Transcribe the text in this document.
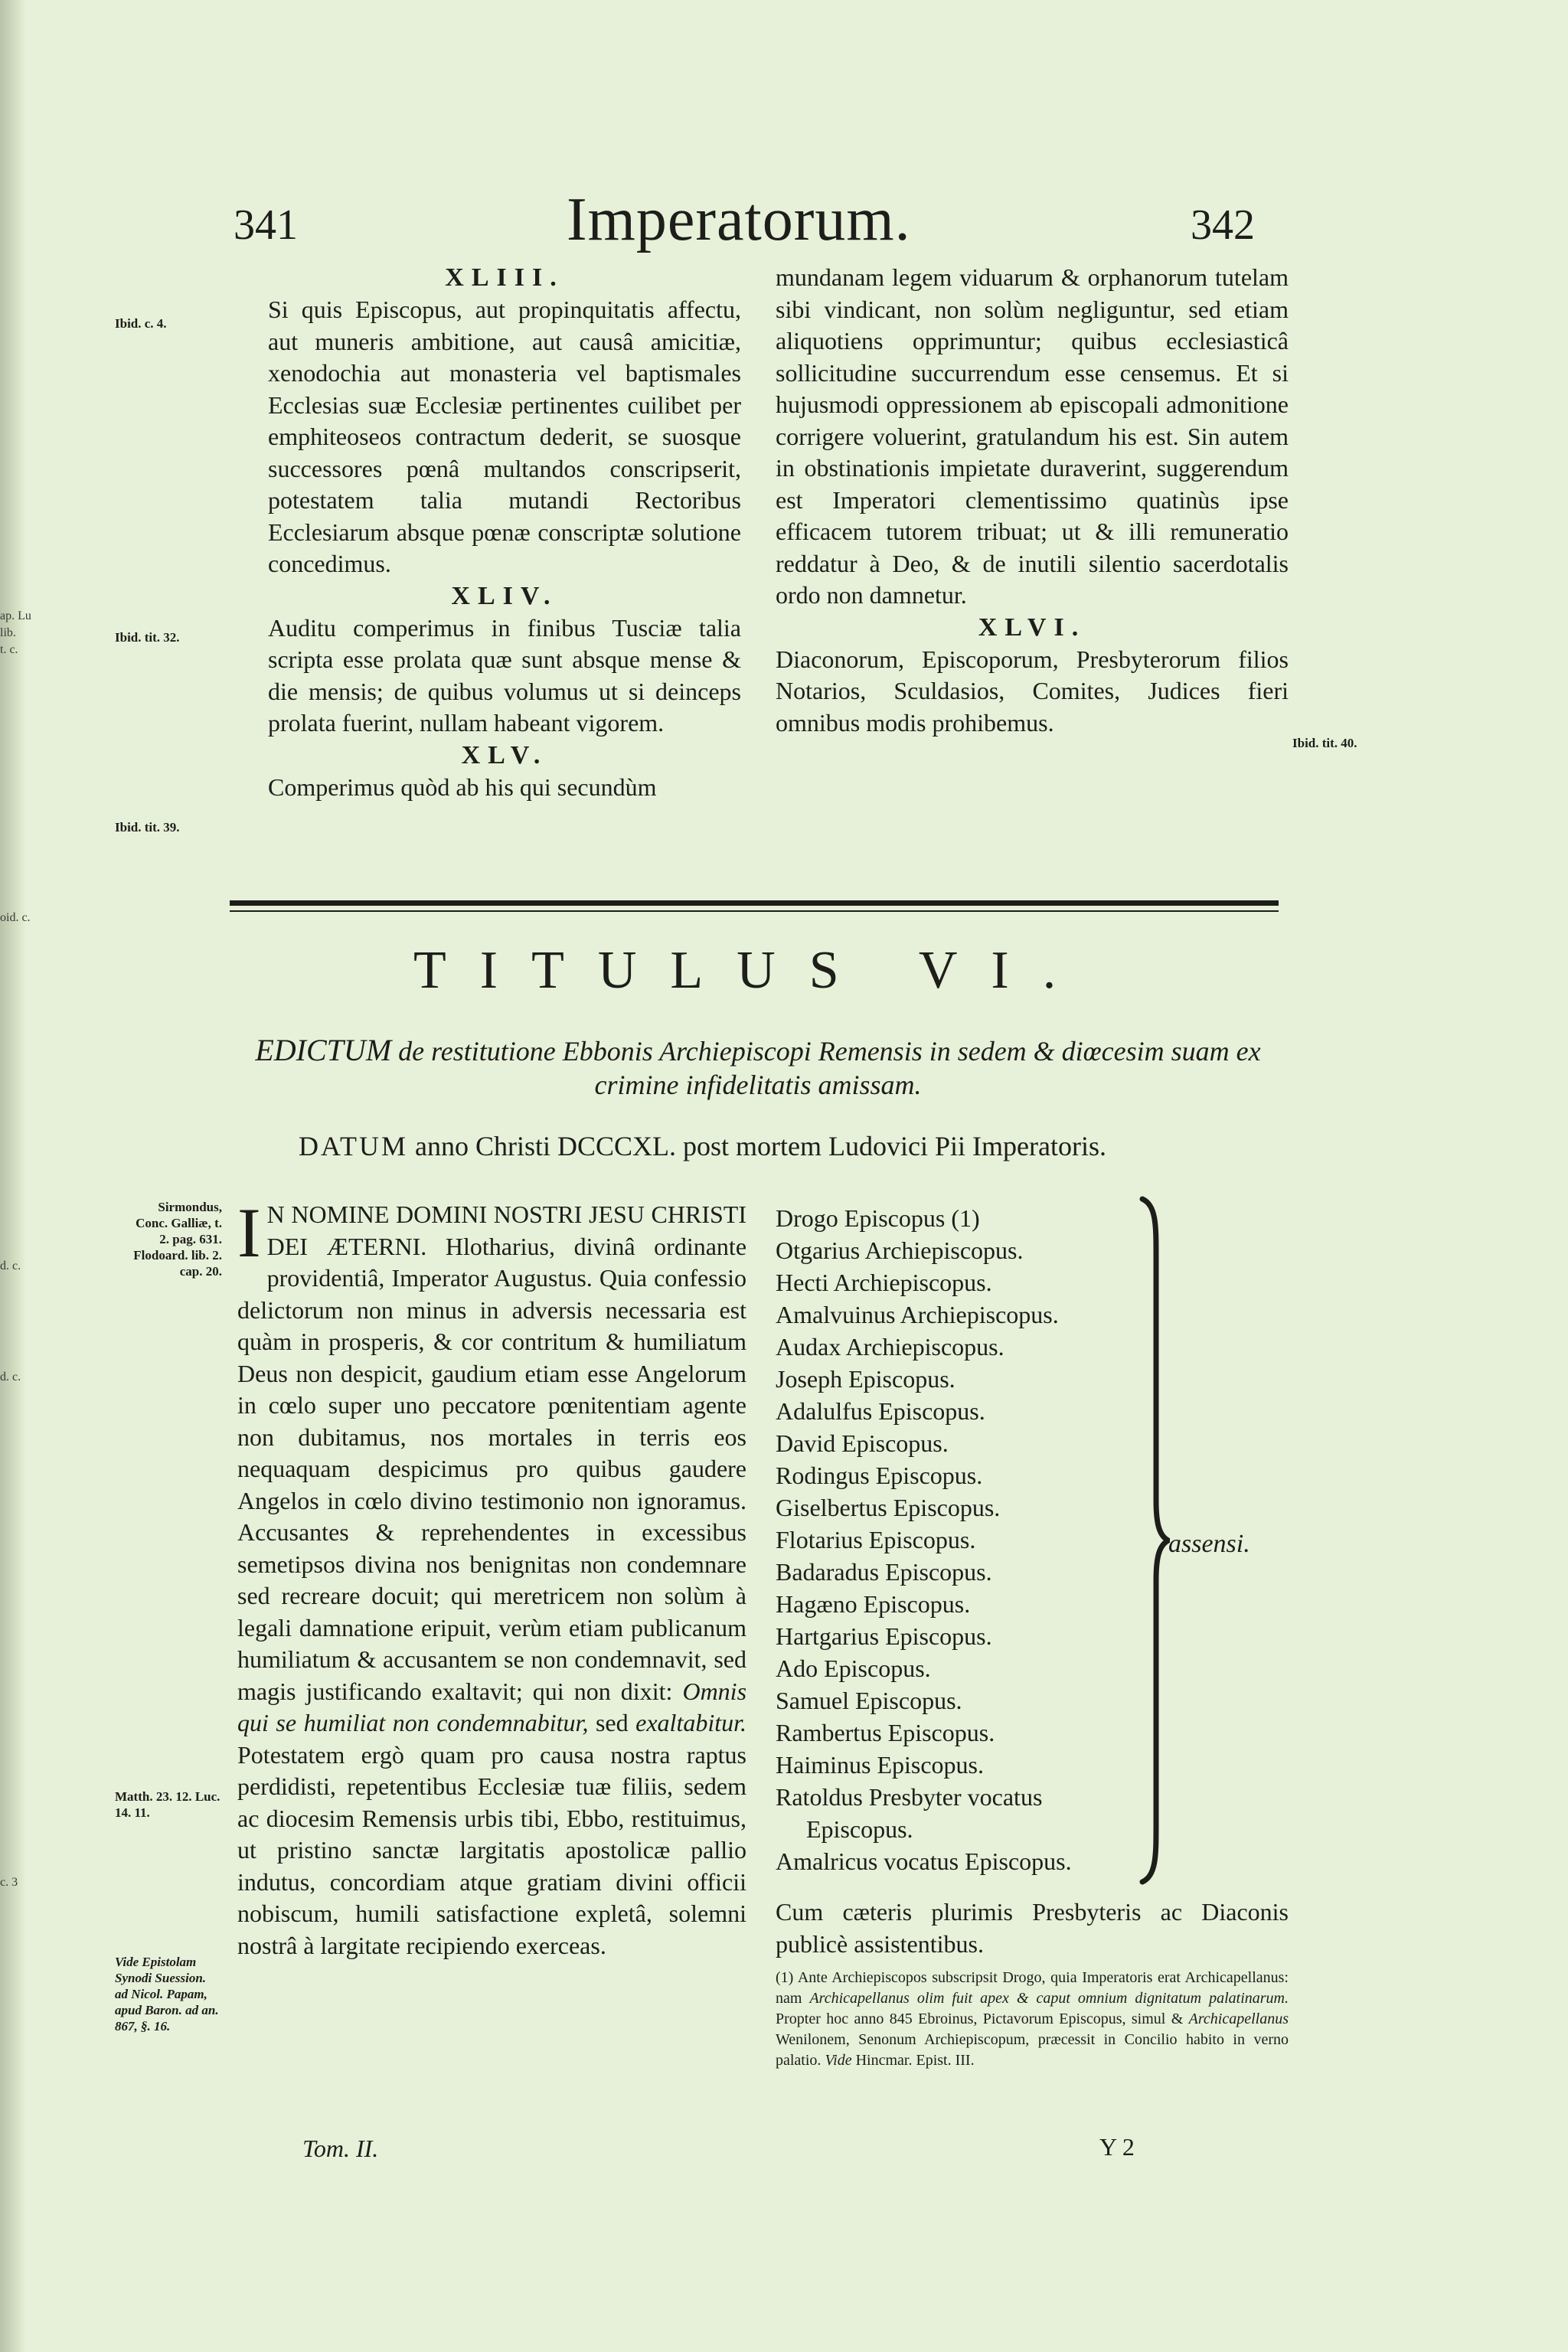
ap. Lu
lib.
t. c.
oid. c.
d. c.
d. c.
c. 3
341	Imperatorum.	342
Ibid. c. 4.
Ibid. tit. 32.
Ibid. tit. 39.
XLIII.

Si quis Episcopus, aut propinquitatis affectu, aut muneris ambitione, aut causâ amicitiæ, xenodochia aut monasteria vel baptismales Ecclesias suæ Ecclesiæ pertinentes cuilibet per emphiteoseos contractum dederit, se suosque successores pœnâ multandos conscripserit, potestatem talia mutandi Rectoribus Ecclesiarum absque pœnæ conscriptæ solutione concedimus.

XLIV.

Auditu comperimus in finibus Tusciæ talia scripta esse prolata quæ sunt absque mense & die mensis; de quibus volumus ut si deinceps prolata fuerint, nullam habeant vigorem.

XLV.

Comperimus quòd ab his qui secundùm

mundanam legem viduarum & orphanorum tutelam sibi vindicant, non solùm negliguntur, sed etiam aliquotiens opprimuntur; quibus ecclesiasticâ sollicitudine succurrendum esse censemus. Et si hujusmodi oppressionem ab episcopali admonitione corrigere voluerint, gratulandum his est. Sin autem in obstinationis impietate duraverint, suggerendum est Imperatori clementissimo quatinùs ipse efficacem tutorem tribuat; ut & illi remuneratio reddatur à Deo, & de inutili silentio sacerdotalis ordo non damnetur.

XLVI.

Diaconorum, Episcoporum, Presbyterorum filios Notarios, Sculdasios, Comites, Judices fieri omnibus modis prohibemus.

Ibid. tit. 40.
TITULUS VI.
EDICTUM de restitutione Ebbonis Archiepiscopi Remensis in sedem & diœcesim suam ex crimine infidelitatis amissam.
DATUM anno Christi DCCCXL. post mortem Ludovici Pii Imperatoris.
Sirmondus, Conc. Galliæ, t. 2. pag. 631. Flodoard. lib. 2. cap. 20.
Matth. 23. 12. Luc. 14. 11.
Vide Epistolam Synodi Suession. ad Nicol. Papam, apud Baron. ad an. 867, §. 16.
I N NOMINE DOMINI NOSTRI JESU CHRISTI DEI ÆTERNI. Hlotharius, divinâ ordinante providentiâ, Imperator Augustus. Quia confessio delictorum non minus in adversis necessaria est quàm in prosperis, & cor contritum & humiliatum Deus non despicit, gaudium etiam esse Angelorum in cœlo super uno peccatore pœnitentiam agente non dubitamus, nos mortales in terris eos nequaquam despicimus pro quibus gaudere Angelos in cœlo divino testimonio non ignoramus. Accusantes & reprehendentes in excessibus semetipsos divina nos benignitas non condemnare sed recreare docuit; qui meretricem non solùm à legali damnatione eripuit, verùm etiam publicanum humiliatum & accusantem se non condemnavit, sed magis justificando exaltavit; qui non dixit: Omnis qui se humiliat non condemnabitur, sed exaltabitur. Potestatem ergò quam pro causa nostra raptus perdidisti, repetentibus Ecclesiæ tuæ filiis, sedem ac diocesim Remensis urbis tibi, Ebbo, restituimus, ut pristino sanctæ largitatis apostolicæ pallio indutus, concordiam atque gratiam divini officii nobiscum, humili satisfactione expletâ, solemni nostrâ à largitate recipiendo exerceas.
Drogo Episcopus (1)
Otgarius Archiepiscopus.
Hecti Archiepiscopus.
Amalvuinus Archiepiscopus.
Audax Archiepiscopus.
Joseph Episcopus.
Adalulfus Episcopus.
David Episcopus.
Rodingus Episcopus.
Giselbertus Episcopus.
Flotarius Episcopus.
Badaradus Episcopus.
Hagæno Episcopus.
Hartgarius Episcopus.
Ado Episcopus.
Samuel Episcopus.
Rambertus Episcopus.
Haiminus Episcopus.
Ratoldus Presbyter vocatus
Episcopus.
Amalricus vocatus Episcopus.
assensi.
Cum cæteris plurimis Presbyteris ac Diaconis publicè assistentibus.
(1) Ante Archiepiscopos subscripsit Drogo, quia Imperatoris erat Archicapellanus: nam Archicapellanus olim fuit apex & caput omnium dignitatum palatinarum. Propter hoc anno 845 Ebroinus, Pictavorum Episcopus, simul & Archicapellanus Wenilonem, Senonum Archiepiscopum, præcessit in Concilio habito in verno palatio. Vide Hincmar. Epist. III.
Tom. II.	Y 2
